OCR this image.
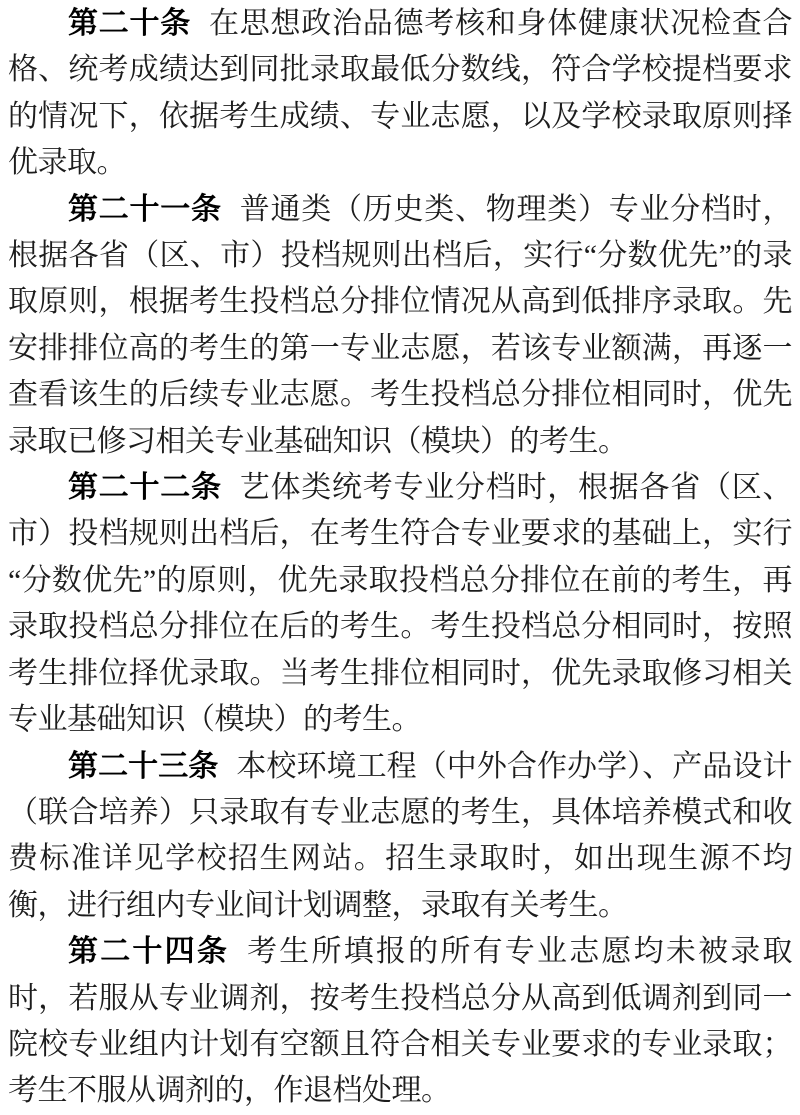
第二十条 在思想政治品德考核和身体健康状况检查合格、统考成绩达到同批录取最低分数线，符合学校提档要求的情况下，依据考生成绩、专业志愿，以及学校录取原则择优录取。

第二十一条 普通类（历史类、物理类）专业分档时，根据各省（区、市）投档规则出档后，实行“分数优先”的录取原则，根据考生投档总分排位情况从高到低排序录取。先安排排位高的考生的第一专业志愿，若该专业额满，再逐一查看该生的后续专业志愿。考生投档总分排位相同时，优先录取已修习相关专业基础知识（模块）的考生。

第二十二条 艺体类统考专业分档时，根据各省（区、市）投档规则出档后，在考生符合专业要求的基础上，实行“分数优先”的原则，优先录取投档总分排位在前的考生，再录取投档总分排位在后的考生。考生投档总分相同时，按照考生排位择优录取。当考生排位相同时，优先录取修习相关专业基础知识（模块）的考生。

第二十三条 本校环境工程（中外合作办学）、产品设计（联合培养）只录取有专业志愿的考生，具体培养模式和收费标准详见学校招生网站。招生录取时，如出现生源不均衡，进行组内专业间计划调整，录取有关考生。

第二十四条 考生所填报的所有专业志愿均未被录取时，若服从专业调剂，按考生投档总分从高到低调剂到同一院校专业组内计划有空额且符合相关专业要求的专业录取；考生不服从调剂的，作退档处理。
